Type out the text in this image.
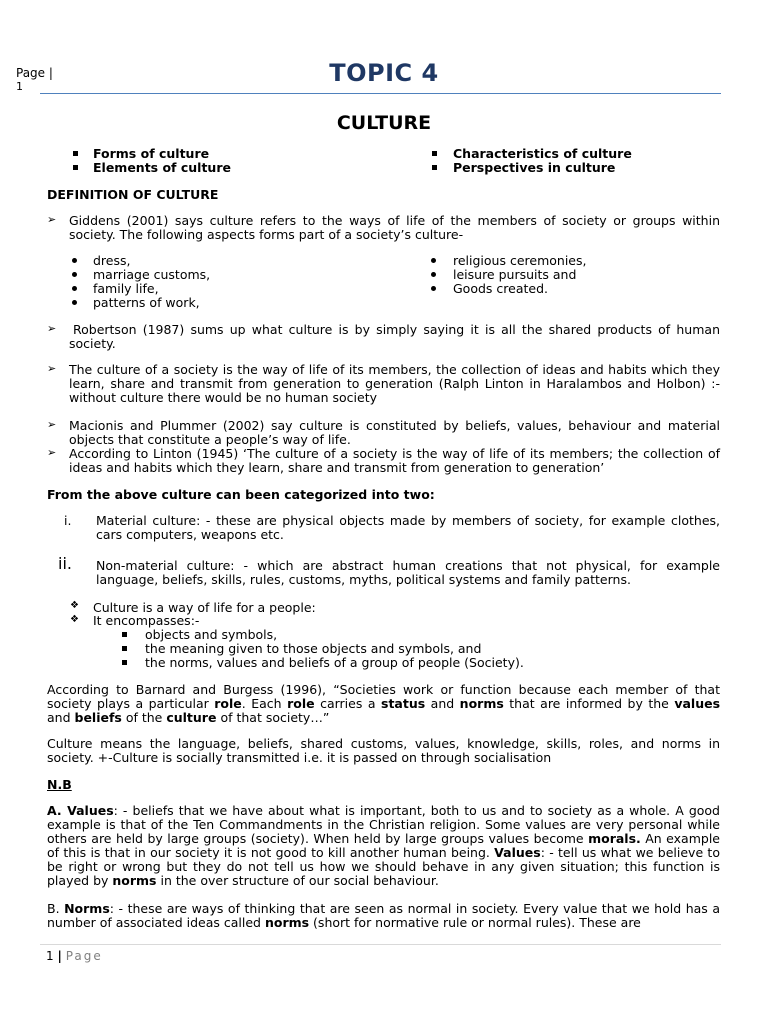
Page |
1	TOPIC 4
CULTURE
Forms of culture
Elements of culture
Characteristics of culture
Perspectives in culture
DEFINITION OF CULTURE
➢ Giddens (2001) says culture refers to the ways of life of the members of society or groups within society. The following aspects forms part of a society’s culture-
dress,
marriage customs,
family life,
patterns of work,
religious ceremonies,
leisure pursuits and
Goods created.
➢	Robertson (1987) sums up what culture is by simply saying it is all the shared products of human society.
➢ The culture of a society is the way of life of its members, the collection of ideas and habits which they learn, share and transmit from generation to generation (Ralph Linton in Haralambos and Holbon) :- without culture there would be no human society
➢ Macionis and Plummer (2002) say culture is constituted by beliefs, values, behaviour and material objects that constitute a people’s way of life.
➢ According to Linton (1945) ‘The culture of a society is the way of life of its members; the collection of ideas and habits which they learn, share and transmit from generation to generation’
From the above culture can been categorized into two:
i. Material culture: - these are physical objects made by members of society, for example clothes, cars computers, weapons etc.
ii. Non-material culture: - which are abstract human creations that not physical, for example language, beliefs, skills, rules, customs, myths, political systems and family patterns.
❖ Culture is a way of life for a people:
❖ It encompasses:-
objects and symbols,
the meaning given to those objects and symbols, and
the norms, values and beliefs of a group of people (Society).
According to Barnard and Burgess (1996), “Societies work or function because each member of that society plays a particular role. Each role carries a status and norms that are informed by the values and beliefs of the culture of that society…”
Culture means the language, beliefs, shared customs, values, knowledge, skills, roles, and norms in society. +-Culture is socially transmitted i.e. it is passed on through socialisation
N.B
A. Values: - beliefs that we have about what is important, both to us and to society as a whole. A good example is that of the Ten Commandments in the Christian religion. Some values are very personal while others are held by large groups (society). When held by large groups values become morals. An example of this is that in our society it is not good to kill another human being. Values: - tell us what we believe to be right or wrong but they do not tell us how we should behave in any given situation; this function is played by norms in the over structure of our social behaviour.
B. Norms: - these are ways of thinking that are seen as normal in society. Every value that we hold has a number of associated ideas called norms (short for normative rule or normal rules). These are
1 | Page
